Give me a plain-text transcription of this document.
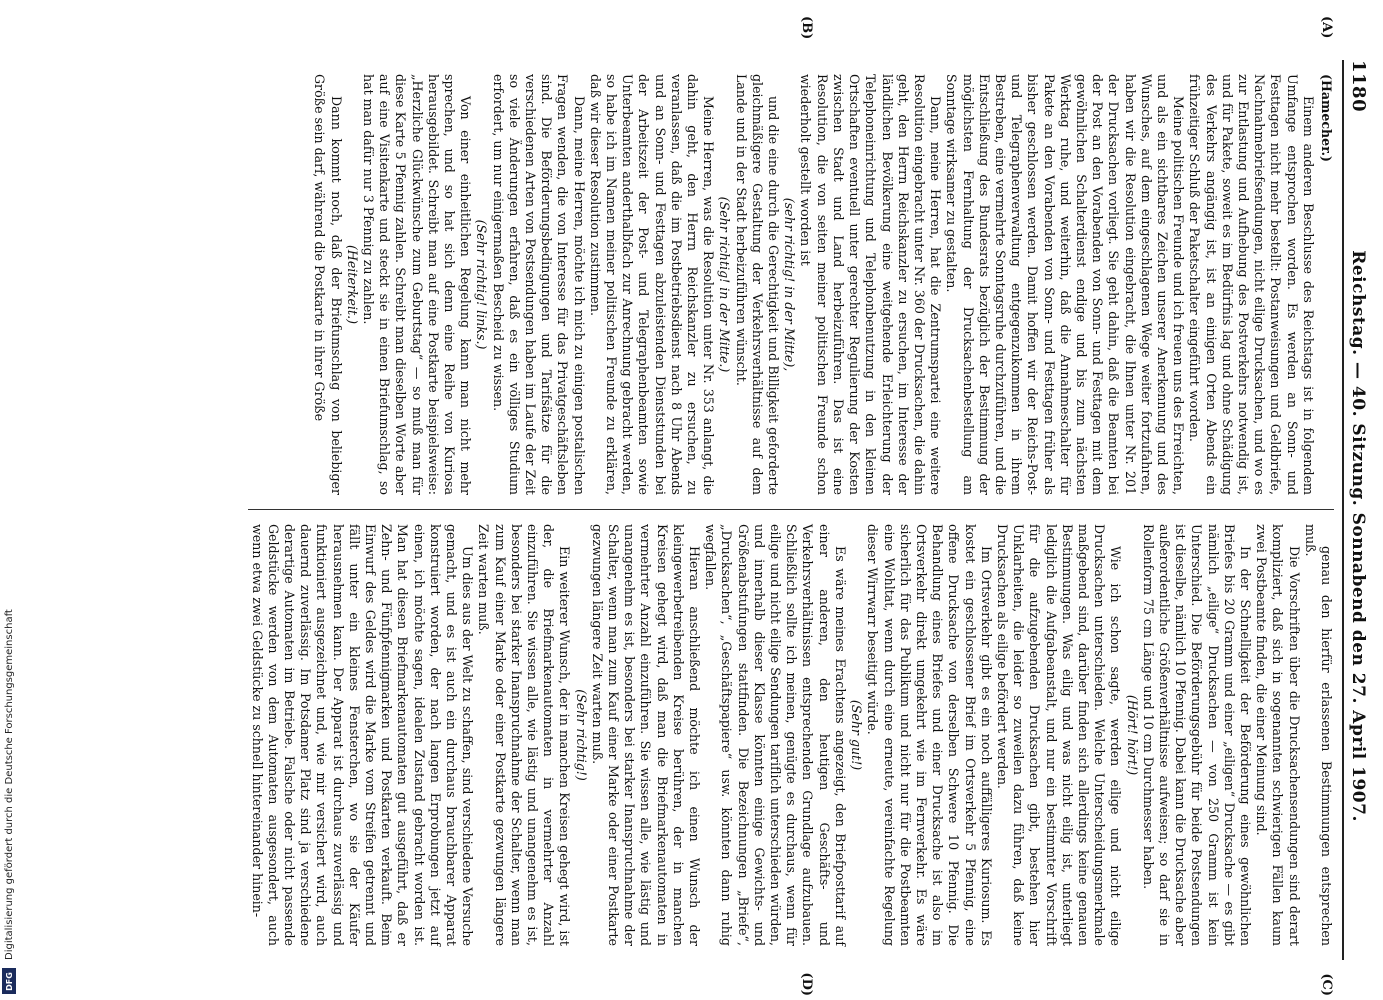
1180
Reichstag. — 40. Sitzung. Sonnabend den 27. April 1907.
(A)
(B)
(C)
(D)

(Hamecher.)

Einem anderen Beschlusse des Reichstags ist in folgendem Umfange entsprochen worden. Es werden an Sonn- und Festtagen nicht mehr bestellt: Postanweisungen und Geldbriefe, Nachnahmebriefsendungen, nicht eilige Drucksachen, und wo es zur Entlastung und Aufhebung des Postverkehrs notwendig ist, und für Pakete, soweit es im Bedürfnis lag und ohne Schädigung des Verkehrs angängig ist, ist an einigen Orten Abends ein frühzeitiger Schluß der Paketschalter eingeführt worden.

Meine politischen Freunde und ich freuen uns des Erreichten, und als ein sichtbares Zeichen unserer Anerkennung und des Wunsches, auf dem eingeschlagenen Wege weiter fortzufahren, haben wir die Resolution eingebracht, die Ihnen unter Nr. 201 der Drucksachen vorliegt. Sie geht dahin, daß die Beamten bei der Post an den Vorabenden von Sonn- und Festtagen mit dem gewöhnlichen Schalterdienst endige und bis zum nächsten Werktag ruhe, und weiterhin, daß die Annahmeschalter für Pakete an den Vorabenden von Sonn- und Festtagen früher als bisher geschlossen werden. Damit hoffen wir der Reichs-Post- und Telegraphenverwaltung entgegenzukommen in ihrem Bestreben, eine vermehrte Sonntagsruhe durchzuführen, und die Entschließung des Bundesrats bezüglich der Bestimmung der möglichsten Fernhaltung der Drucksachenbestellung am Sonntage wirksamer zu gestalten.

Dann, meine Herren, hat die Zentrumspartei eine weitere Resolution eingebracht unter Nr. 360 der Drucksachen, die dahin geht, den Herrn Reichskanzler zu ersuchen, im Interesse der ländlichen Bevölkerung eine weitgehende Erleichterung der Telephoneinrichtung und Telephonbenutzung in den kleinen Ortschaften eventuell unter gerechter Regulierung der Kosten zwischen Stadt und Land herbeizuführen. Das ist eine Resolution, die von seiten meiner politischen Freunde schon wiederholt gestellt worden ist

(sehr richtig! in der Mitte),

und die eine durch die Gerechtigkeit und Billigkeit geforderte gleichmäßigere Gestaltung der Verkehrsverhältnisse auf dem Lande und in der Stadt herbeizuführen wünscht.

(Sehr richtig! in der Mitte.)

Meine Herren, was die Resolution unter Nr. 353 anlangt, die dahin geht, den Herrn Reichskanzler zu ersuchen, zu veranlassen, daß die im Postbetriebsdienst nach 8 Uhr Abends und an Sonn- und Festtagen abzuleistenden Dienststunden bei der Arbeitszeit der Post- und Telegraphenbeamten sowie Unterbeamten anderthalbfach zur Anrechnung gebracht werden, so habe ich im Namen meiner politischen Freunde zu erklären, daß wir dieser Resolution zustimmen.

Dann, meine Herren, möchte ich mich zu einigen postalischen Fragen wenden, die von Interesse für das Privatgeschäftsleben sind. Die Beförderungsbedingungen und Tarifsätze für die verschiedenen Arten von Postsendungen haben im Laufe der Zeit so viele Änderungen erfahren, daß es ein völliges Studium erfordert, um nur einigermaßen Bescheid zu wissen.

(Sehr richtig! links.)

Von einer einheitlichen Regelung kann man nicht mehr sprechen, und so hat sich denn eine Reihe von Kuriosa herausgebildet. Schreibt man auf eine Postkarte beispielsweise: „Herzliche Glückwünsche zum Geburtstag“ — so muß man für diese Karte 5 Pfennig zahlen. Schreibt man dieselben Worte aber auf eine Visitenkarte und steckt sie in einen Briefumschlag, so hat man dafür nur 3 Pfennig zu zahlen.

(Heiterkeit.)

Dann kommt noch, daß der Briefumschlag von beliebiger Größe sein darf, während die Postkarte in ihrer Größe

genau den hierfür erlassenen Bestimmungen entsprechen muß.

Die Vorschriften über die Drucksachensendungen sind derart kompliziert, daß sich in sogenannten schwierigen Fällen kaum zwei Postbeamte finden, die einer Meinung sind.

In der Schnelligkeit der Beförderung eines gewöhnlichen Briefes bis 20 Gramm und einer „eiligen“ Drucksache — es gibt nämlich „eilige“ Drucksachen — von 250 Gramm ist kein Unterschied. Die Beförderungsgebühr für beide Postsendungen ist dieselbe, nämlich 10 Pfennig. Dabei kann die Drucksache aber außerordentliche Größenverhältnisse aufweisen; so darf sie in Rollenform 75 cm Länge und 10 cm Durchmesser haben.

(Hört! hört!)

Wie ich schon sagte, werden eilige und nicht eilige Drucksachen unterschieden. Welche Unterscheidungsmerkmale maßgebend sind, darüber finden sich allerdings keine genauen Bestimmungen. Was eilig und was nicht eilig ist, unterliegt lediglich die Aufgabeanstalt, und nur ein bestimmter Vorschrift für die aufzugebenden Drucksachen gibt, bestehen hier Unklarheiten, die leider so zuweilen dazu führen, daß keine Drucksachen als eilige befördert werden.

Im Ortsverkehr gibt es ein noch auffälligeres Kuriosum. Es kostet ein geschlossener Brief im Ortsverkehr 5 Pfennig, eine offene Drucksache von derselben Schwere 10 Pfennig. Die Behandlung eines Briefes und einer Drucksache ist also im Ortsverkehr direkt umgekehrt wie im Fernverkehr. Es wäre sicherlich für das Publikum und nicht nur für die Postbeamten eine Wohltat, wenn durch eine erneute, vereinfachte Regelung dieser Wirrwarr beseitigt würde.

(Sehr gut!)

Es wäre meines Erachtens angezeigt, den Briefposttarif auf einer anderen, den heutigen Geschäfts- und Verkehrsverhältnissen entsprechenden Grundlage aufzubauen. Schließlich sollte ich meinen, genügte es durchaus, wenn für eilige und nicht eilige Sendungen tariflich unterschieden würden, und innerhalb dieser Klasse könnten einige Gewichts- und Größenabstufungen stattfinden. Die Bezeichnungen „Briefe“, „Drucksachen“, „Geschäftspapiere“ usw. könnten dann ruhig wegfallen.

Hieran anschließend möchte ich einen Wunsch der kleingewerbetreibenden Kreise berühren, der in manchen Kreisen gehegt wird, daß man die Briefmarkenautomaten in vermehrter Anzahl einzuführen. Sie wissen alle, wie lästig und unangenehm es ist, besonders bei starker Inanspruchnahme der Schalter, wenn man zum Kauf einer Marke oder einer Postkarte gezwungen längere Zeit warten muß.

(Sehr richtig!)

Ein weiterer Wunsch, der in manchen Kreisen gehegt wird, ist der, die Briefmarkenautomaten in vermehrter Anzahl einzuführen. Sie wissen alle, wie lästig und unangenehm es ist, besonders bei starker Inanspruchnahme der Schalter, wenn man zum Kauf einer Marke oder einer Postkarte gezwungen längere Zeit warten muß.

Um dies aus der Welt zu schaffen, sind verschiedene Versuche gemacht, und es ist auch ein durchaus brauchbarer Apparat konstruiert worden, der nach langen Erprobungen jetzt auf einen, ich möchte sagen, idealen Zustand gebracht worden ist. Man hat diesen Briefmarkenautomaten gut ausgeführt, daß er Zehn- und Fünfpfennigmarken und Postkarten verkauft. Beim Einwurf des Geldes wird die Marke vom Streifen getrennt und fällt unter ein kleines Fensterchen, wo sie der Käufer herausnehmen kann. Der Apparat ist durchaus zuverlässig und funktioniert ausgezeichnet und, wie mir versichert wird, auch dauernd zuverlässig. Im Potsdamer Platz sind ja verschiedene derartige Automaten im Betriebe. Falsche oder nicht passende Geldstücke werden von dem Automaten ausgesondert, auch wenn etwa zwei Geldstücke zu schnell hintereinander hinein-

Digitalisierung gefördert durch die Deutsche Forschungsgemeinschaft
DFG
